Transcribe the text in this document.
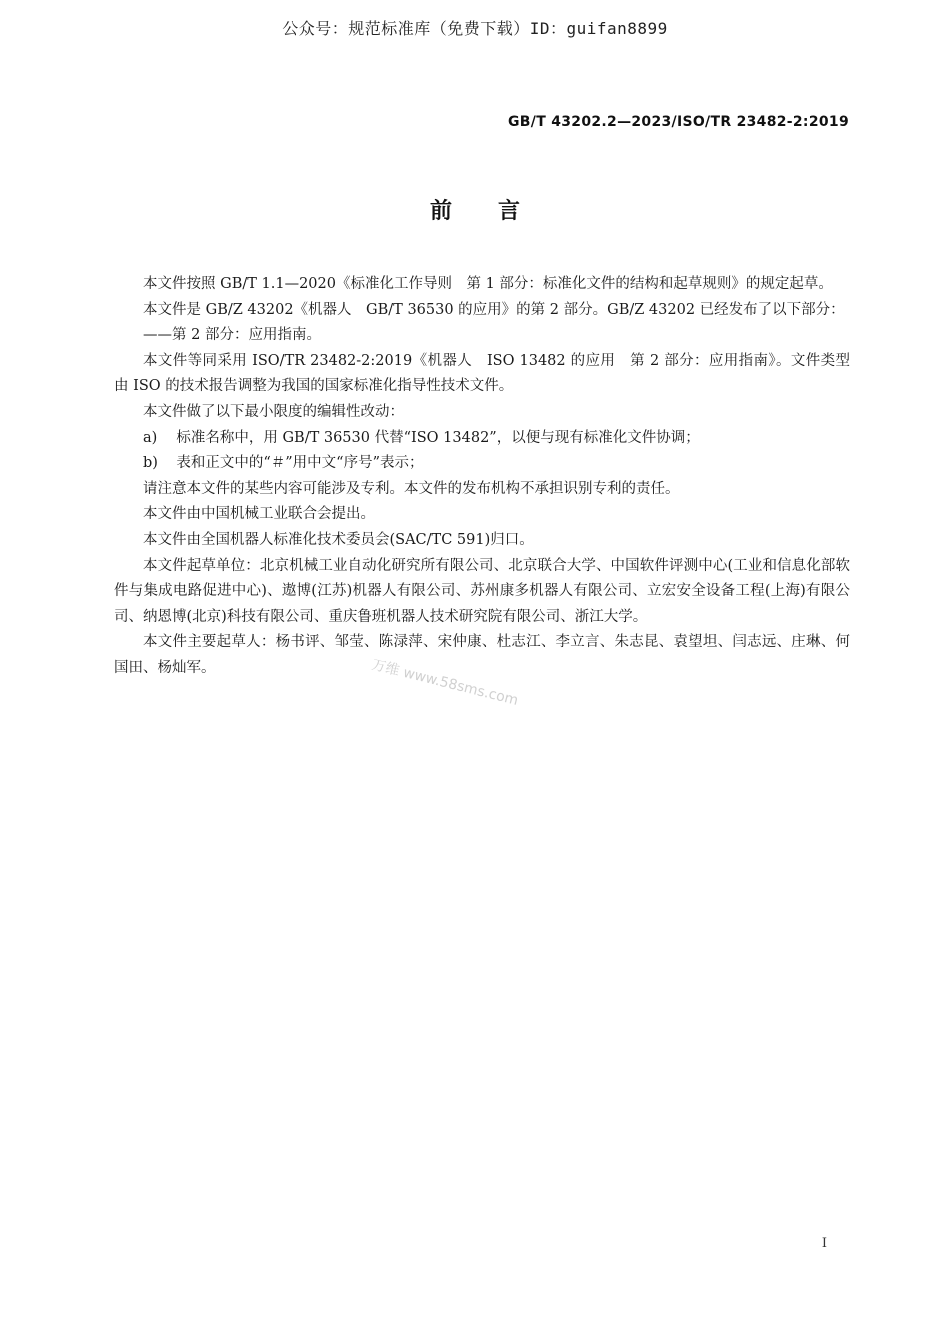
公众号：规范标准库（免费下载）ID：guifan8899
GB/T 43202.2—2023/ISO/TR 23482-2:2019
前言

本文件按照 GB/T 1.1—2020《标准化工作导则　第 1 部分：标准化文件的结构和起草规则》的规定起草。

本文件是 GB/Z 43202《机器人　GB/T 36530 的应用》的第 2 部分。GB/Z 43202 已经发布了以下部分：

——第 2 部分：应用指南。

本文件等同采用 ISO/TR 23482-2:2019《机器人　ISO 13482 的应用　第 2 部分：应用指南》。文件类型由 ISO 的技术报告调整为我国的国家标准化指导性技术文件。

本文件做了以下最小限度的编辑性改动：

a) 标准名称中，用 GB/T 36530 代替“ISO 13482”，以便与现有标准化文件协调；

b) 表和正文中的“＃”用中文“序号”表示；

请注意本文件的某些内容可能涉及专利。本文件的发布机构不承担识别专利的责任。

本文件由中国机械工业联合会提出。

本文件由全国机器人标准化技术委员会(SAC/TC 591)归口。

本文件起草单位：北京机械工业自动化研究所有限公司、北京联合大学、中国软件评测中心(工业和信息化部软件与集成电路促进中心)、遨博(江苏)机器人有限公司、苏州康多机器人有限公司、立宏安全设备工程(上海)有限公司、纳恩博(北京)科技有限公司、重庆鲁班机器人技术研究院有限公司、浙江大学。

本文件主要起草人：杨书评、邹莹、陈渌萍、宋仲康、杜志江、李立言、朱志昆、袁望坦、闫志远、庄琳、何国田、杨灿军。	万维 www.58sms.com
I
